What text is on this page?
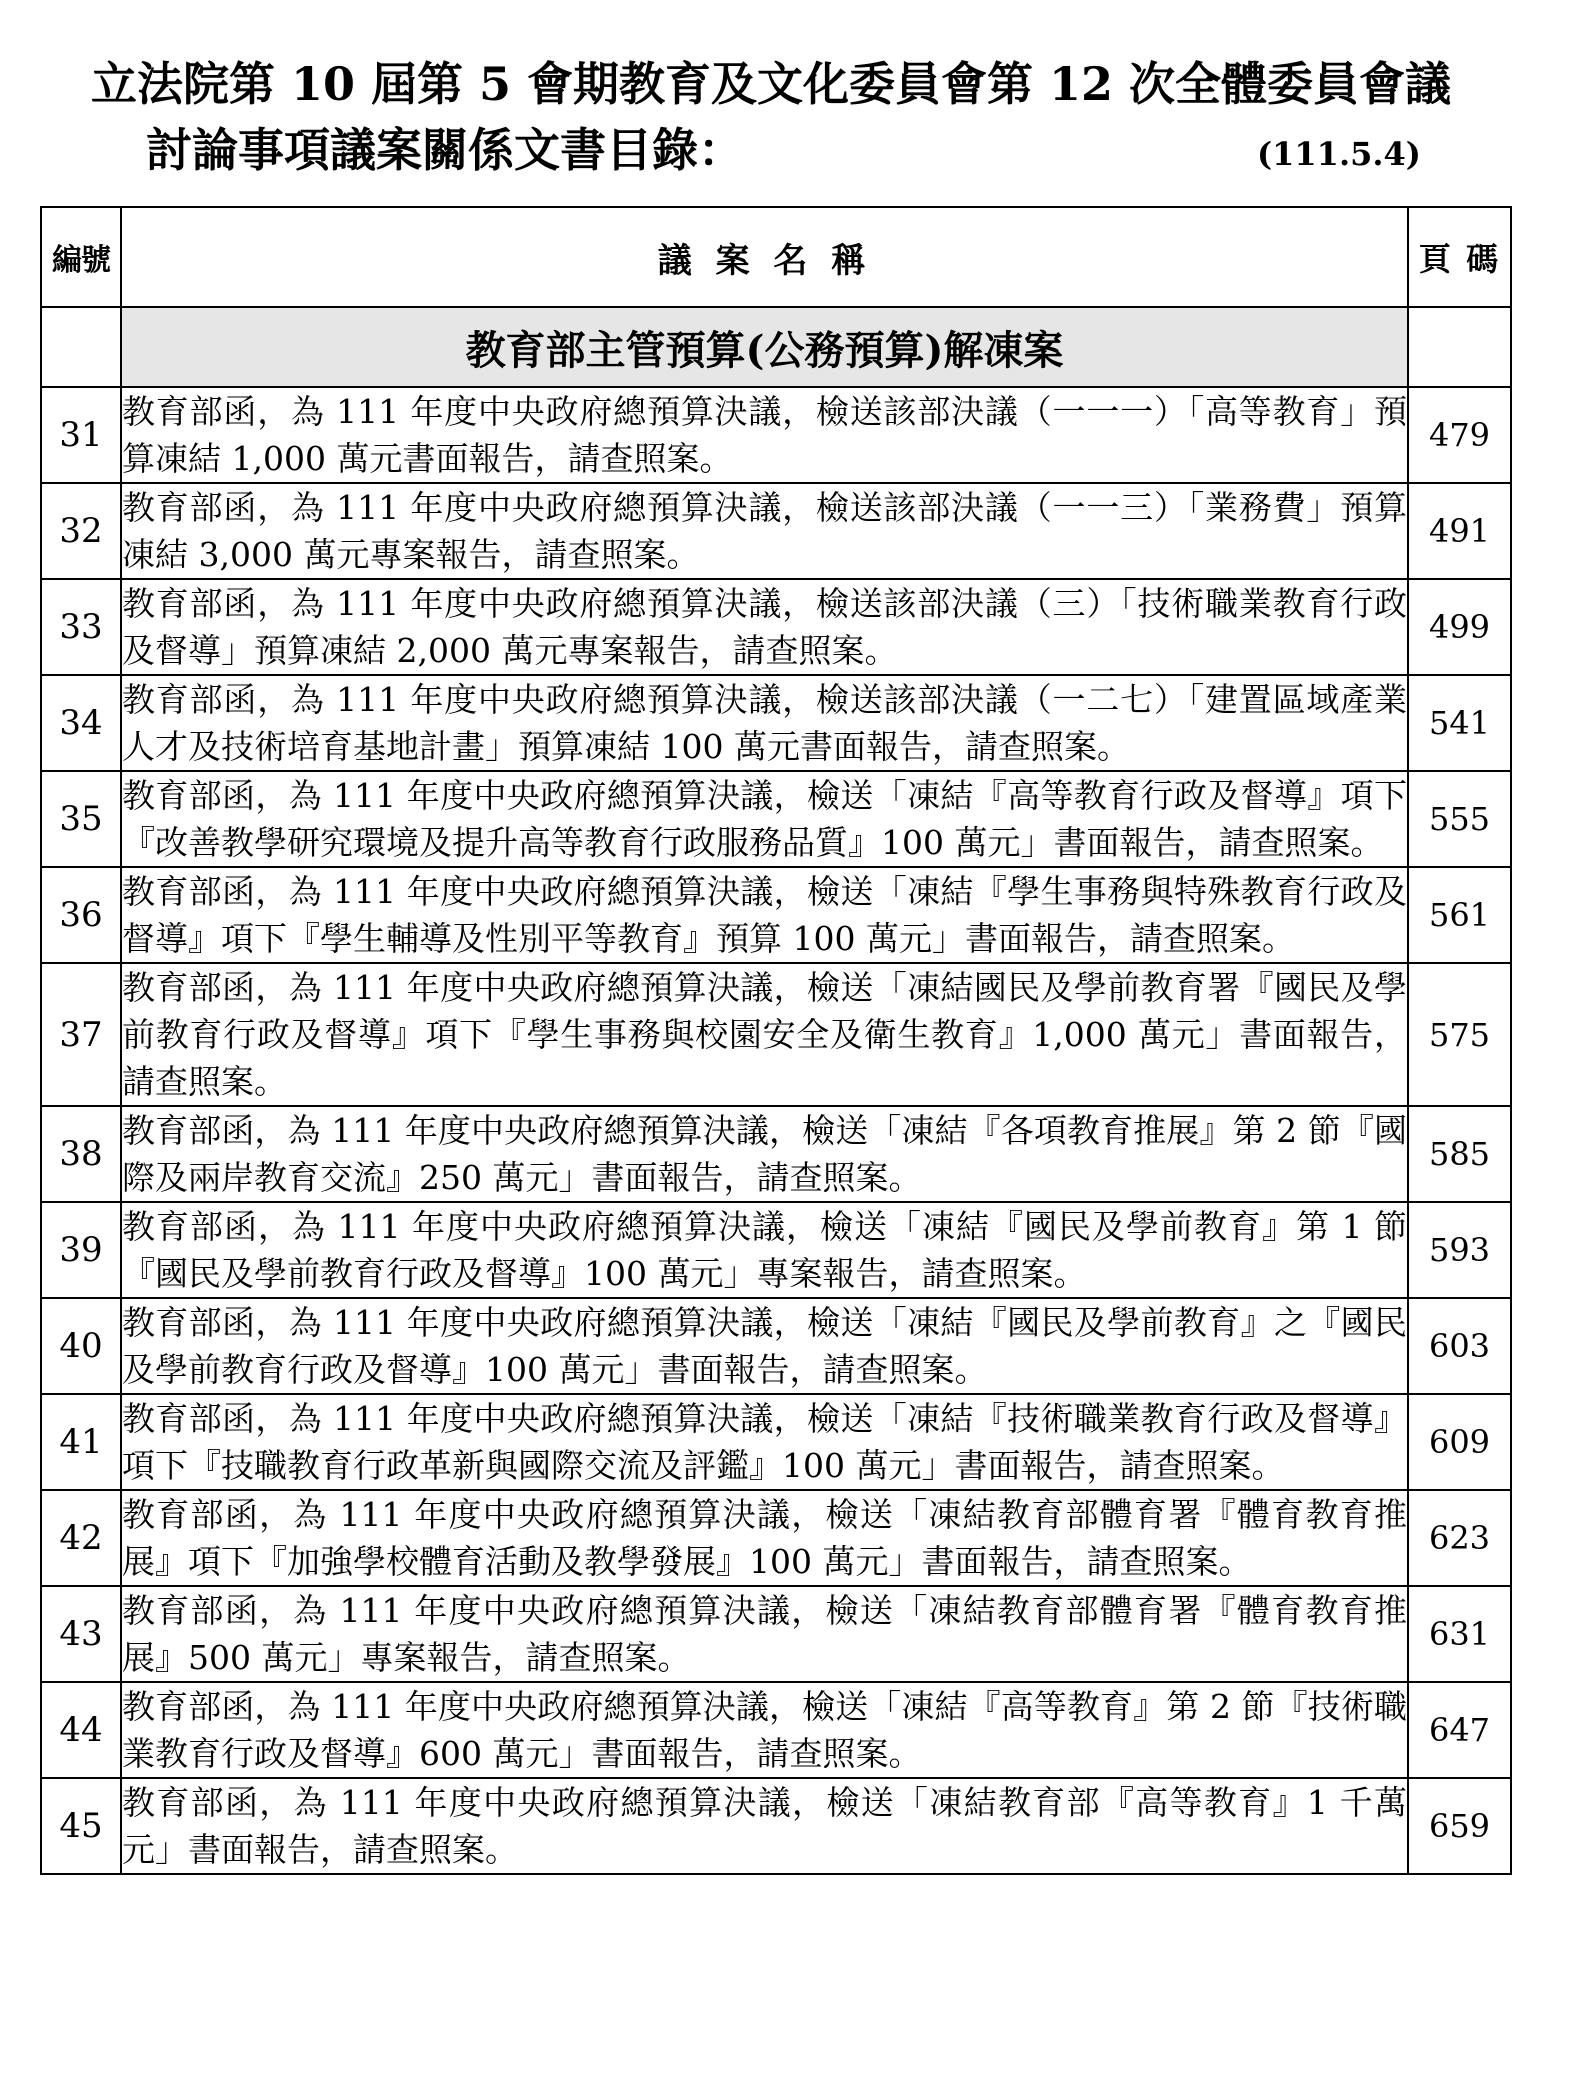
立法院第 10 屆第 5 會期教育及文化委員會第 12 次全體委員會議
討論事項議案關係文書目錄：	(111.5.4)
編號	議 案 名 稱	頁 碼
	教育部主管預算(公務預算)解凍案	
31	教育部函，為 111 年度中央政府總預算決議，檢送該部決議（一一一）「高等教育」預算凍結 1,000 萬元書面報告，請查照案。	479
32	教育部函，為 111 年度中央政府總預算決議，檢送該部決議（一一三）「業務費」預算凍結 3,000 萬元專案報告，請查照案。	491
33	教育部函，為 111 年度中央政府總預算決議，檢送該部決議（三）「技術職業教育行政及督導」預算凍結 2,000 萬元專案報告，請查照案。	499
34	教育部函，為 111 年度中央政府總預算決議，檢送該部決議（一二七）「建置區域產業人才及技術培育基地計畫」預算凍結 100 萬元書面報告，請查照案。	541
35	教育部函，為 111 年度中央政府總預算決議，檢送「凍結『高等教育行政及督導』項下『改善教學研究環境及提升高等教育行政服務品質』100 萬元」書面報告，請查照案。	555
36	教育部函，為 111 年度中央政府總預算決議，檢送「凍結『學生事務與特殊教育行政及督導』項下『學生輔導及性別平等教育』預算 100 萬元」書面報告，請查照案。	561
37	教育部函，為 111 年度中央政府總預算決議，檢送「凍結國民及學前教育署『國民及學前教育行政及督導』項下『學生事務與校園安全及衛生教育』1,000 萬元」書面報告，請查照案。	575
38	教育部函，為 111 年度中央政府總預算決議，檢送「凍結『各項教育推展』第 2 節『國際及兩岸教育交流』250 萬元」書面報告，請查照案。	585
39	教育部函，為 111 年度中央政府總預算決議，檢送「凍結『國民及學前教育』第 1 節『國民及學前教育行政及督導』100 萬元」專案報告，請查照案。	593
40	教育部函，為 111 年度中央政府總預算決議，檢送「凍結『國民及學前教育』之『國民及學前教育行政及督導』100 萬元」書面報告，請查照案。	603
41	教育部函，為 111 年度中央政府總預算決議，檢送「凍結『技術職業教育行政及督導』項下『技職教育行政革新與國際交流及評鑑』100 萬元」書面報告，請查照案。	609
42	教育部函，為 111 年度中央政府總預算決議，檢送「凍結教育部體育署『體育教育推展』項下『加強學校體育活動及教學發展』100 萬元」書面報告，請查照案。	623
43	教育部函，為 111 年度中央政府總預算決議，檢送「凍結教育部體育署『體育教育推展』500 萬元」專案報告，請查照案。	631
44	教育部函，為 111 年度中央政府總預算決議，檢送「凍結『高等教育』第 2 節『技術職業教育行政及督導』600 萬元」書面報告，請查照案。	647
45	教育部函，為 111 年度中央政府總預算決議，檢送「凍結教育部『高等教育』1 千萬元」書面報告，請查照案。	659
